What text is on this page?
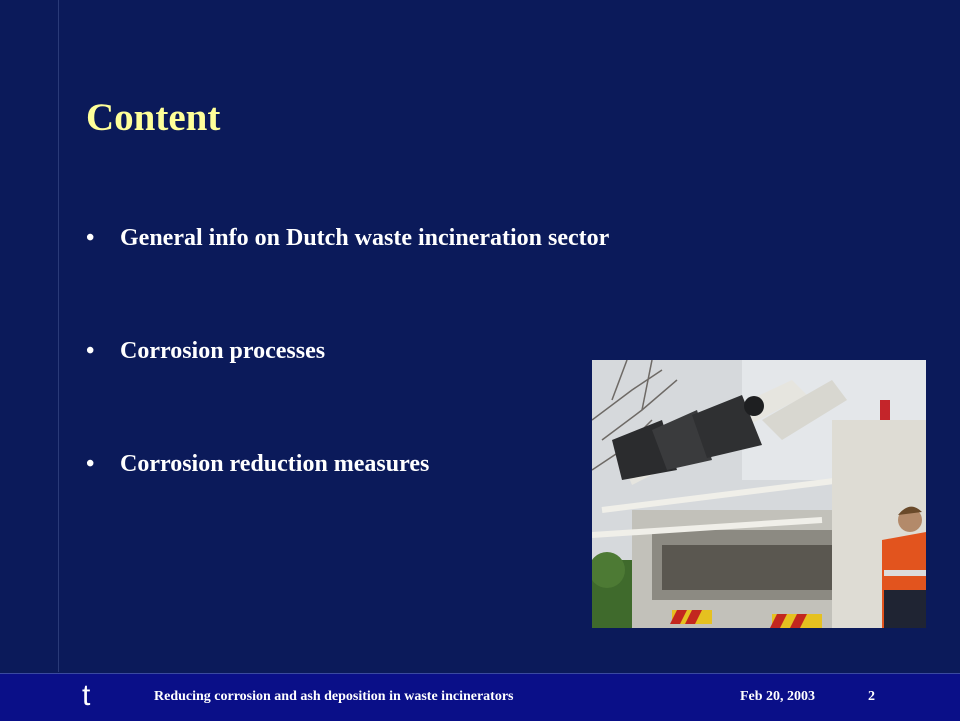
Content
• General info on Dutch waste incineration sector
• Corrosion processes
• Corrosion reduction measures
t	Reducing corrosion and ash deposition in waste incinerators	Feb 20, 2003	2
